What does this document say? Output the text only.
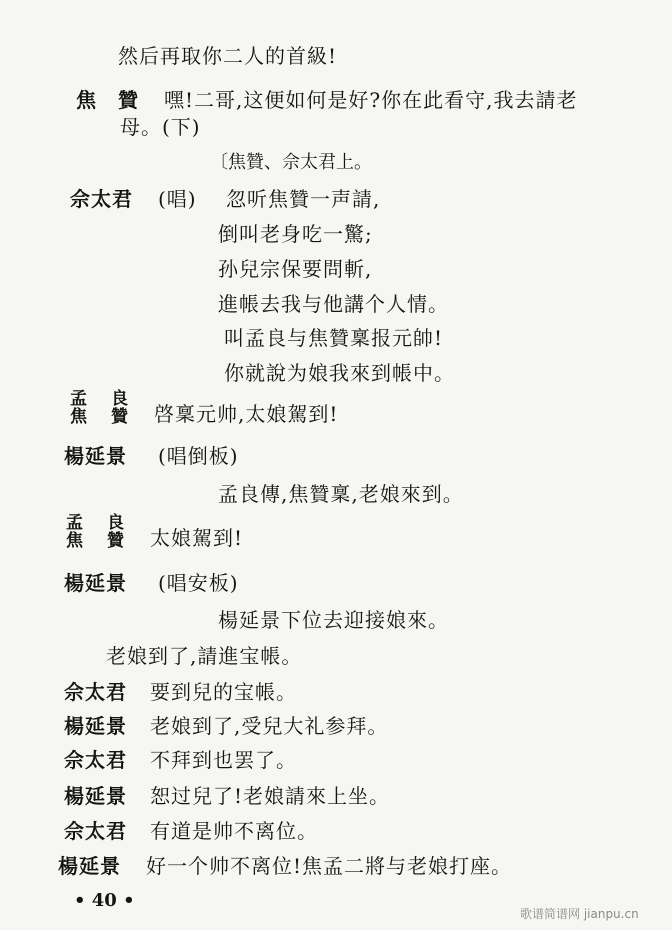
然后再取你二人的首級!
焦　贊 嘿!二哥,这便如何是好?你在此看守,我去請老
母。(下)
〔焦贊、佘太君上。
佘太君 (唱) 忽听焦贊一声請,
倒叫老身吃一驚;
孙兒宗保要問斬,
進帳去我与他講个人情。
叫孟良与焦贊稟报元帥!
你就說为娘我來到帳中。
孟 良
焦 贊 啓稟元帅,太娘駕到!
楊延景 (唱倒板)
孟良傳,焦贊稟,老娘來到。
孟 良
焦 贊 太娘駕到!
楊延景 (唱安板)
楊延景下位去迎接娘來。
老娘到了,請進宝帳。
佘太君 要到兒的宝帳。
楊延景 老娘到了,受兒大礼参拜。
佘太君 不拜到也罢了。
楊延景 恕过兒了!老娘請來上坐。
佘太君 有道是帅不离位。
楊延景 好一个帅不离位!焦孟二將与老娘打座。
• 40 •
歌谱简谱网 jianpu.cn
